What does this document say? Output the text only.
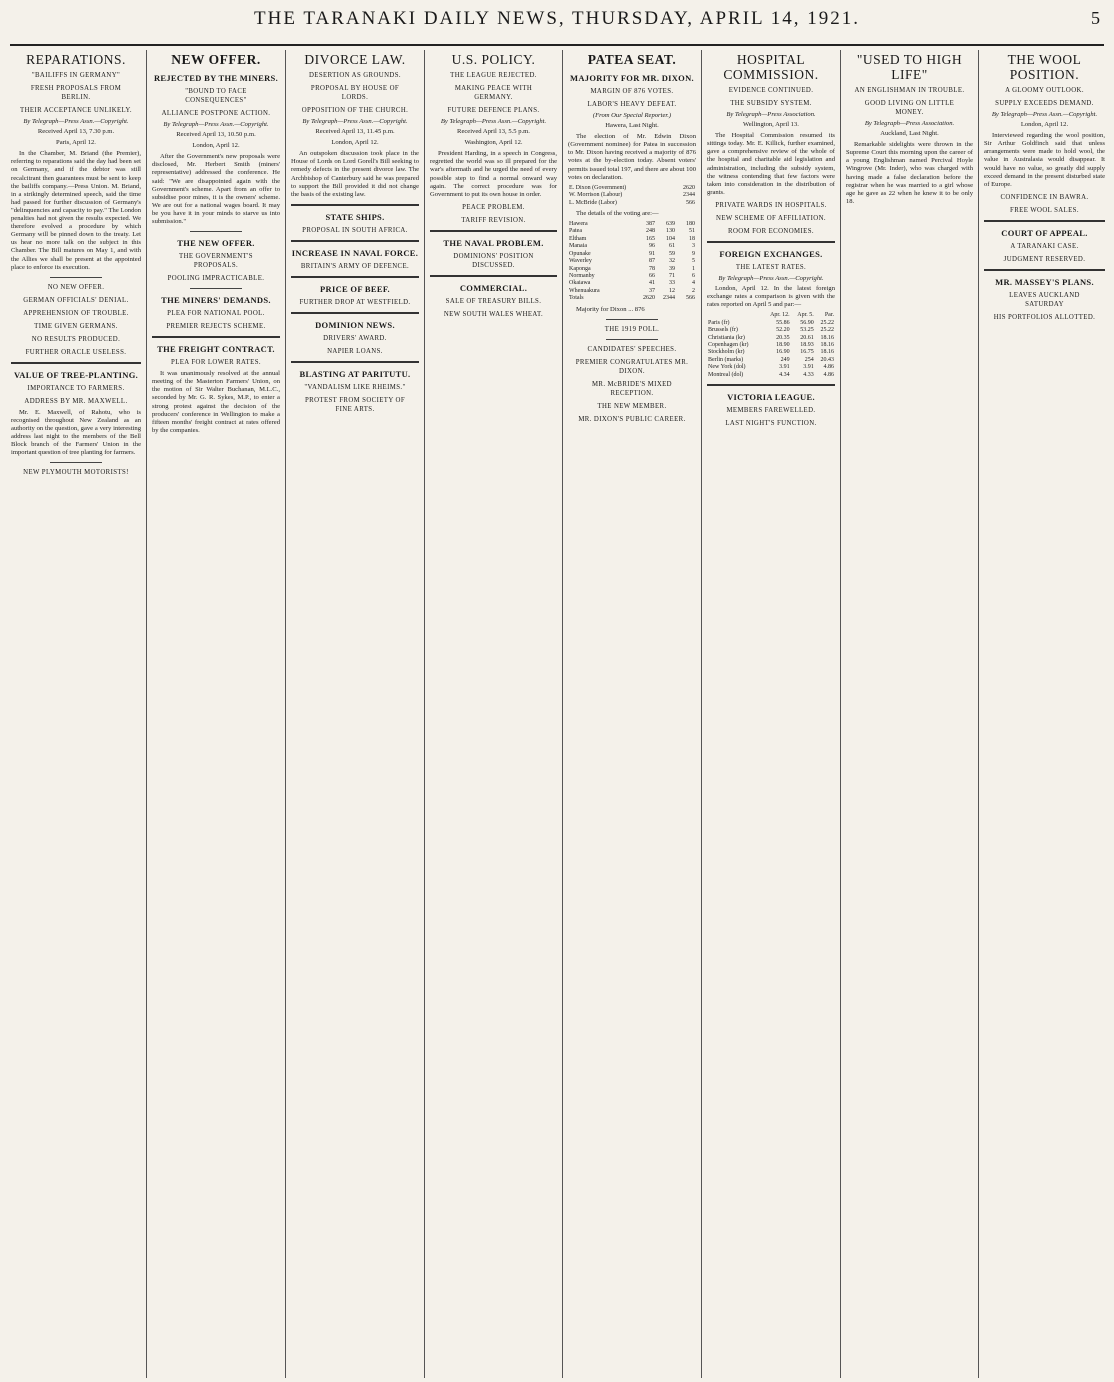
THE TARANAKI DAILY NEWS, THURSDAY, APRIL 14, 1921.	5
REPARATIONS.
"BAILIFFS IN GERMANY"
FRESH PROPOSALS FROM BERLIN.
THEIR ACCEPTANCE UNLIKELY.
By Telegraph—Press Assn.—Copyright.
Received April 13, 7.30 p.m.
Paris, April 12.

In the Chamber, M. Briand (the Premier), referring to reparations said the day had been set on Germany, and if the debtor was still recalcitrant then guarantees must be sent to keep the bailiffs company.—Press Union. M. Briand, in a strikingly determined speech, said the time had passed for further discussion of Germany's "delinquencies and capacity to pay." The London penalties had not given the results expected. We therefore evolved a procedure by which Germany will be pinned down to the treaty. Let us hear no more talk on the subject in this Chamber. The Bill matures on May 1, and with the Allies we shall be present at the appointed place to enforce its execution.

NO NEW OFFER.
GERMAN OFFICIALS' DENIAL.
APPREHENSION OF TROUBLE.
TIME GIVEN GERMANS.
NO RESULTS PRODUCED.
FURTHER ORACLE USELESS.
VALUE OF TREE-PLANTING.
IMPORTANCE TO FARMERS.
ADDRESS BY MR. MAXWELL.

Mr. E. Maxwell, of Rahotu, who is recognised throughout New Zealand as an authority on the question, gave a very interesting address last night to the members of the Bell Block branch of the Farmers' Union in the important question of tree planting for farmers.

NEW PLYMOUTH MOTORISTS!
NEW OFFER.
REJECTED BY THE MINERS.
"BOUND TO FACE CONSEQUENCES"
ALLIANCE POSTPONE ACTION.
By Telegraph—Press Assn.—Copyright.
Received April 13, 10.50 p.m.
London, April 12.

After the Government's new proposals were disclosed, Mr. Herbert Smith (miners' representative) addressed the conference. He said: "We are disappointed again with the Government's scheme. Apart from an offer to subsidise poor mines, it is the owners' scheme. We are out for a national wages board. It may be you have it in your minds to starve us into submission."

THE NEW OFFER.
THE GOVERNMENT'S PROPOSALS.
POOLING IMPRACTICABLE.
THE MINERS' DEMANDS.
PLEA FOR NATIONAL POOL.
PREMIER REJECTS SCHEME.
THE FREIGHT CONTRACT.
PLEA FOR LOWER RATES.

It was unanimously resolved at the annual meeting of the Masterton Farmers' Union, on the motion of Sir Walter Buchanan, M.L.C., seconded by Mr. G. R. Sykes, M.P., to enter a strong protest against the decision of the producers' conference in Wellington to make a fifteen months' freight contract at rates offered by the companies.

DIVORCE LAW.
DESERTION AS GROUNDS.
PROPOSAL BY HOUSE OF LORDS.
OPPOSITION OF THE CHURCH.
By Telegraph—Press Assn.—Copyright.
Received April 13, 11.45 p.m.
London, April 12.

An outspoken discussion took place in the House of Lords on Lord Gorell's Bill seeking to remedy defects in the present divorce law. The Archbishop of Canterbury said he was prepared to support the Bill provided it did not change the basis of the existing law.

STATE SHIPS.
PROPOSAL IN SOUTH AFRICA.
INCREASE IN NAVAL FORCE.
BRITAIN'S ARMY OF DEFENCE.
PRICE OF BEEF.
FURTHER DROP AT WESTFIELD.
DOMINION NEWS.
DRIVERS' AWARD.
NAPIER LOANS.
BLASTING AT PARITUTU.
"VANDALISM LIKE RHEIMS."
PROTEST FROM SOCIETY OF FINE ARTS.
U.S. POLICY.
THE LEAGUE REJECTED.
MAKING PEACE WITH GERMANY.
FUTURE DEFENCE PLANS.
By Telegraph—Press Assn.—Copyright.
Received April 13, 5.5 p.m.
Washington, April 12.

President Harding, in a speech in Congress, regretted the world was so ill prepared for the war's aftermath and he urged the need of every possible step to find a normal onward way again. The correct procedure was for Government to put its own house in order.

PEACE PROBLEM.
TARIFF REVISION.
THE NAVAL PROBLEM.
DOMINIONS' POSITION DISCUSSED.
COMMERCIAL.
SALE OF TREASURY BILLS.
NEW SOUTH WALES WHEAT.
PATEA SEAT.
MAJORITY FOR MR. DIXON.
MARGIN OF 876 VOTES.
LABOR'S HEAVY DEFEAT.
(From Our Special Reporter.)
Hawera, Last Night.

The election of Mr. Edwin Dixon (Government nominee) for Patea in succession to Mr. Dixon having received a majority of 876 votes at the by-election today. Absent voters' permits issued total 197, and there are about 100 votes on declaration.

E. Dixon (Government)	2620
W. Morrison (Labour)	2344
L. McBride (Labor)	566

The details of the voting are:—

Hawera	387	639	180
Patea	248	130	51
Eltham	165	104	18
Manaia	96	61	3
Opunake	91	59	9
Waverley	87	32	5
Kaponga	78	39	1
Normanby	66	71	6
Okaiawa	41	33	4
Whenuakura	37	12	2
Totals	2620	2344	566

Majority for Dixon ... 876

THE 1919 POLL.
CANDIDATES' SPEECHES.
PREMIER CONGRATULATES MR. DIXON.
MR. McBRIDE'S MIXED RECEPTION.
THE NEW MEMBER.
MR. DIXON'S PUBLIC CAREER.
HOSPITAL COMMISSION.
EVIDENCE CONTINUED.
THE SUBSIDY SYSTEM.
By Telegraph—Press Association.
Wellington, April 13.

The Hospital Commission resumed its sittings today. Mr. E. Killick, further examined, gave a comprehensive review of the whole of the hospital and charitable aid legislation and administration, including the subsidy system, the witness contending that few factors were taken into consideration in the distribution of grants.

PRIVATE WARDS IN HOSPITALS.
NEW SCHEME OF AFFILIATION.
ROOM FOR ECONOMIES.
FOREIGN EXCHANGES.
THE LATEST RATES.
By Telegraph—Press Assn.—Copyright.

London, April 12. In the latest foreign exchange rates a comparison is given with the rates reported on April 5 and par:—

	Apr. 12.	Apr. 5.	Par.
Paris (fr)	55.86	56.90	25.22
Brussels (fr)	52.20	53.25	25.22
Christiania (kr)	20.35	20.61	18.16
Copenhagen (kr)	18.90	18.93	18.16
Stockholm (kr)	16.90	16.75	18.16
Berlin (marks)	249	254	20.43
New York (dol)	3.91	3.91	4.86
Montreal (dol)	4.34	4.33	4.86
VICTORIA LEAGUE.
MEMBERS FAREWELLED.
LAST NIGHT'S FUNCTION.
"USED TO HIGH LIFE"
AN ENGLISHMAN IN TROUBLE.
GOOD LIVING ON LITTLE MONEY.
By Telegraph—Press Association.
Auckland, Last Night.

Remarkable sidelights were thrown in the Supreme Court this morning upon the career of a young Englishman named Percival Hoyle Wingrove (Mr. Inder), who was charged with having made a false declaration before the registrar when he was married to a girl whose age he gave as 22 when he knew it to be only 18.

THE WOOL POSITION.
A GLOOMY OUTLOOK.
SUPPLY EXCEEDS DEMAND.
By Telegraph—Press Assn.—Copyright.
London, April 12.

Interviewed regarding the wool position, Sir Arthur Goldfinch said that unless arrangements were made to hold wool, the value in Australasia would disappear. It would have no value, so greatly did supply exceed demand in the present disturbed state of Europe.

CONFIDENCE IN BAWRA.
FREE WOOL SALES.
COURT OF APPEAL.
A TARANAKI CASE.
JUDGMENT RESERVED.
MR. MASSEY'S PLANS.
LEAVES AUCKLAND SATURDAY
HIS PORTFOLIOS ALLOTTED.
